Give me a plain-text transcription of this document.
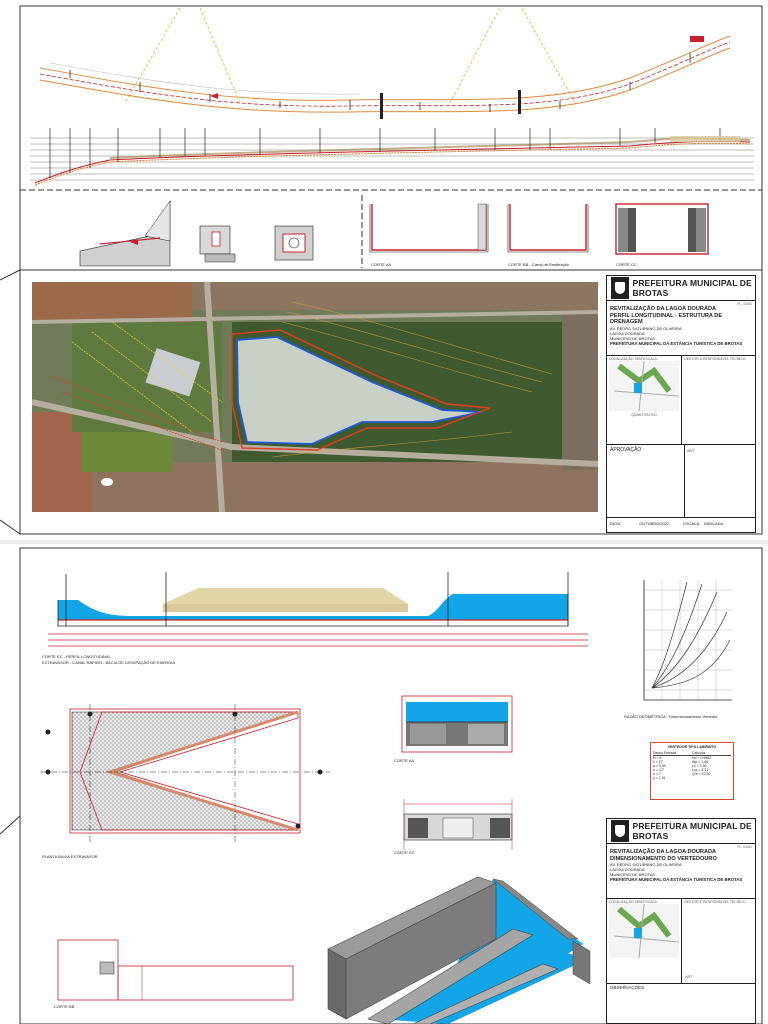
CORTE AA	CORTE BB - Canal de Restituição	CORTE CC
PREFEITURA MUNICIPAL DE BROTAS
FL. 01/01
REVITALIZAÇÃO DA LAGOA DOURADA
PERFIL LONGITUDINAL - ESTRUTURA DE DRENAGEM
AV. PEDRO SATURNINO DE OLIVEIRA
LAGOA DOURADA
MUNICÍPIO DE BROTAS
PREFEITURA MUNICIPAL DA ESTÂNCIA TURÍSTICA DE BROTAS
LOCALIZAÇÃO SEM ESCALA
QUANTITATIVO
GESTOR E RESPONSÁVEL TÉCNICO
ART
APROVAÇÃO
DATA:	OUTUBRO/2022	ESCALA: INDICADA
CORTE EC - PERFIL LONGITUDINAL
EXTRAVASOR - CANAL RÁPIDO - BACIA DE DISSIPAÇÃO DE ENERGIA
RAZÃO GEOMÉTRICA - Dimensionamento Vertedor
VERTEDOR TIPO LABIRINTO
Dados Entrada	Cálculos
N = 6	Hd = 0,9962
L = 27	Wp = 1,46
a = 0,30	Lc = 3,30
α = 12°	Lcc = 3,31
n = 7	Q/n = 10,30
p = 1,01
PLANTA BAIXA EXTRAVASOR
CORTE AA
CORTE CC
CORTE BB
PREFEITURA MUNICIPAL DE BROTAS
FL. 01/01
REVITALIZAÇÃO DA LAGOA DOURADA
DIMENSIONAMENTO DO VERTEDOURO
AV. PEDRO SATURNINO DE OLIVEIRA
LAGOA DOURADA
MUNICÍPIO DE BROTAS
PREFEITURA MUNICIPAL DA ESTÂNCIA TURÍSTICA DE BROTAS
LOCALIZAÇÃO SEM ESCALA	GESTOR E RESPONSÁVEL TÉCNICO
ART
OBSERVAÇÕES
